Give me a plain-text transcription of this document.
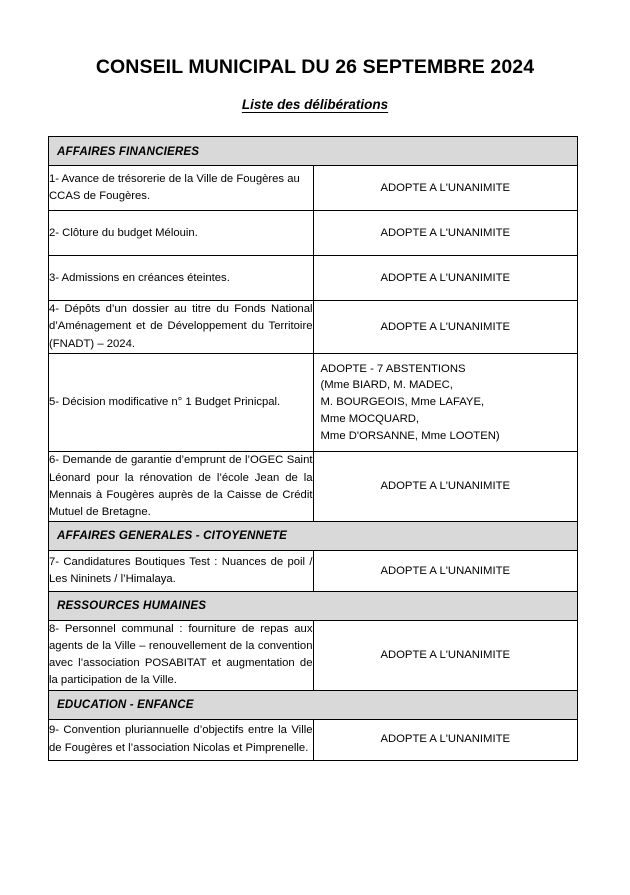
CONSEIL MUNICIPAL DU 26 SEPTEMBRE 2024
Liste des délibérations
AFFAIRES FINANCIERES	
1- Avance de trésorerie de la Ville de Fougères au CCAS de Fougères.	ADOPTE A L'UNANIMITE

2- Clôture du budget Mélouin.	ADOPTE A L'UNANIMITE

3- Admissions en créances éteintes.	ADOPTE A L'UNANIMITE

4- Dépôts d’un dossier au titre du Fonds National d’Aménagement et de Développement du Territoire (FNADT) – 2024.	ADOPTE A L'UNANIMITE

5- Décision modificative n° 1 Budget Prinicpal.	ADOPTE - 7 ABSTENTIONS
(Mme BIARD, M. MADEC,
M. BOURGEOIS, Mme LAFAYE,
Mme MOCQUARD,
Mme D'ORSANNE, Mme LOOTEN)

6- Demande de garantie d’emprunt de l’OGEC Saint Léonard pour la rénovation de l’école Jean de la Mennais à Fougères auprès de la Caisse de Crédit Mutuel de Bretagne.	ADOPTE A L'UNANIMITE

AFFAIRES GENERALES - CITOYENNETE	
7- Candidatures Boutiques Test : Nuances de poil / Les Nininets / l’Himalaya.	ADOPTE A L'UNANIMITE

RESSOURCES HUMAINES	
8- Personnel communal : fourniture de repas aux agents de la Ville – renouvellement de la convention avec l’association POSABITAT et augmentation de la participation de la Ville.	ADOPTE A L'UNANIMITE

EDUCATION - ENFANCE	
9- Convention pluriannuelle d’objectifs entre la Ville de Fougères et l’association Nicolas et Pimprenelle.	ADOPTE A L'UNANIMITE
